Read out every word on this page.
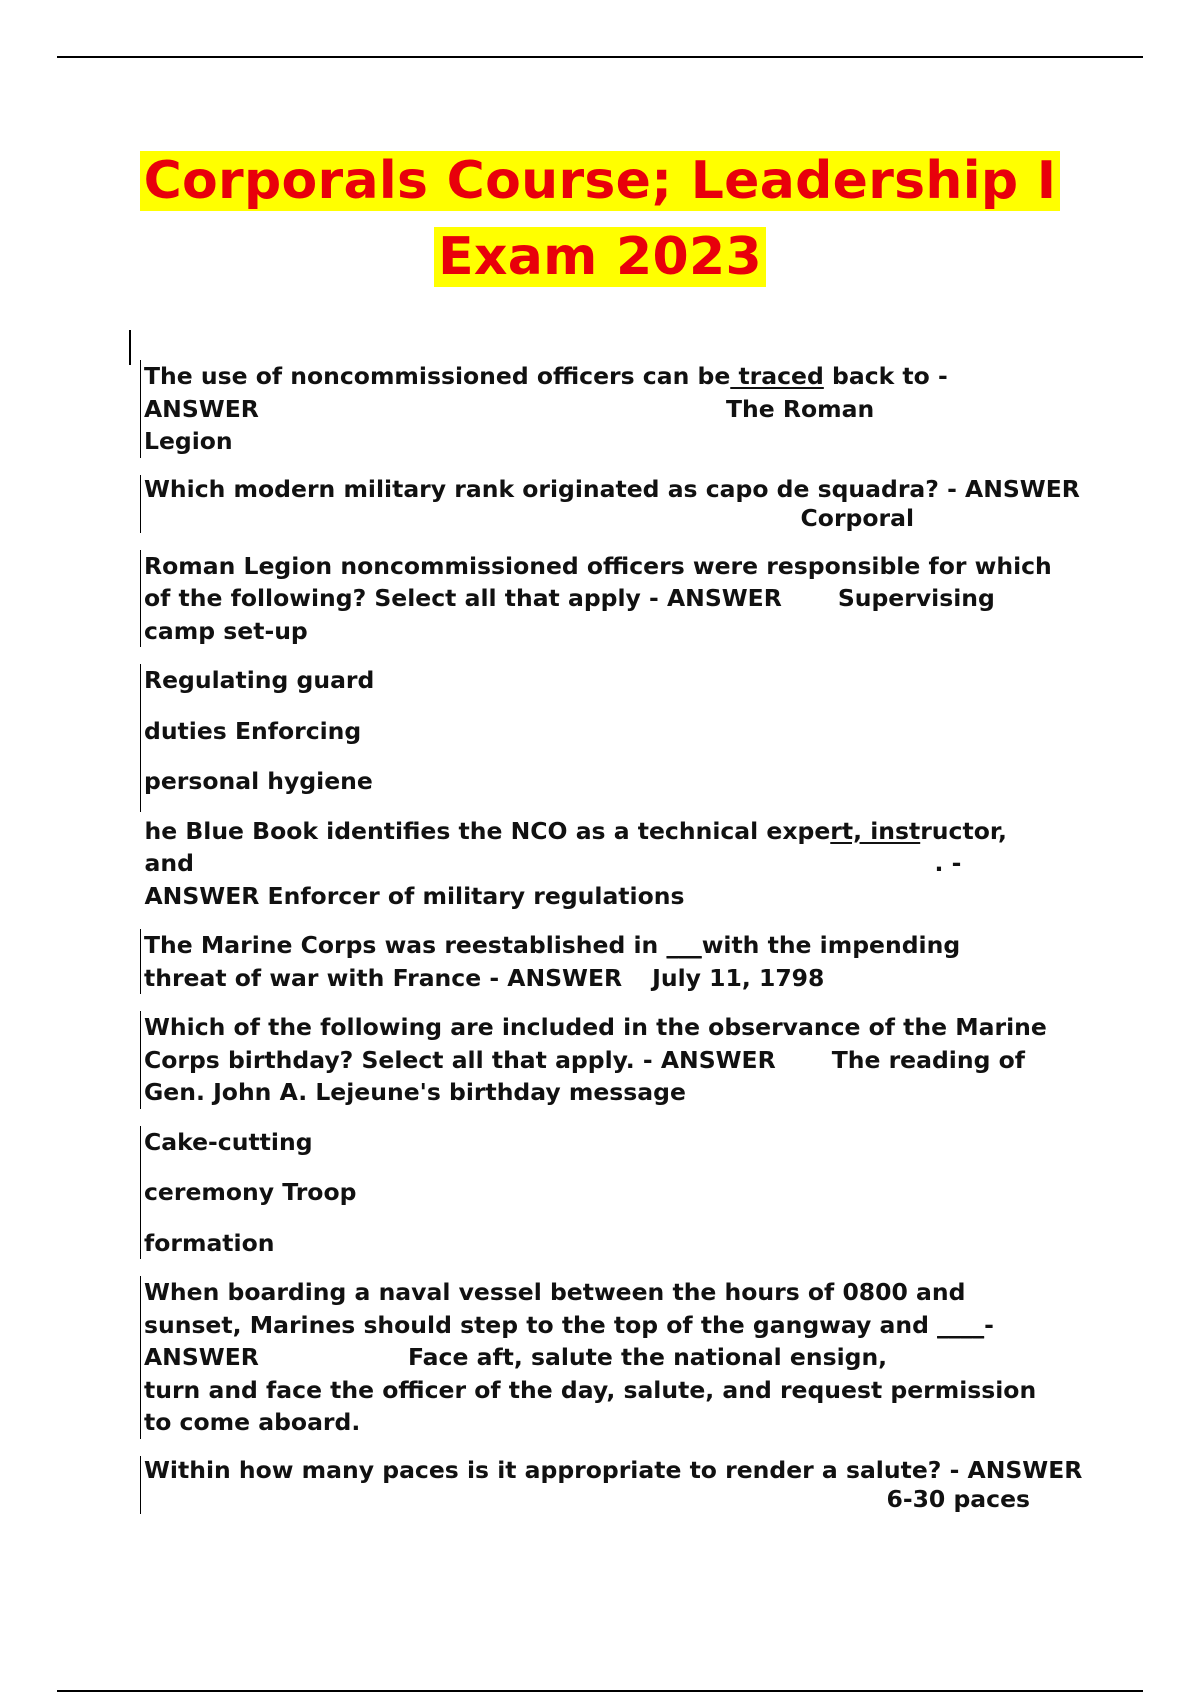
Corporals Course; Leadership I
Exam 2023
The use of noncommissioned officers can be traced back to -
ANSWER	The Roman
Legion
Which modern military rank originated as capo de squadra? - ANSWER
Corporal
Roman Legion noncommissioned officers were responsible for which
of the following? Select all that apply - ANSWER Supervising
camp set-up
Regulating guard
duties Enforcing
personal hygiene
he Blue Book identifies the NCO as a technical expert, instructor,
and	. -
ANSWER Enforcer of military regulations
The Marine Corps was reestablished in ___with the impending
threat of war with France - ANSWER July 11, 1798
Which of the following are included in the observance of the Marine
Corps birthday? Select all that apply. - ANSWER The reading of
Gen. John A. Lejeune's birthday message
Cake-cutting
ceremony Troop
formation
When boarding a naval vessel between the hours of 0800 and
sunset, Marines should step to the top of the gangway and ____-
ANSWER	Face aft, salute the national ensign,
turn and face the officer of the day, salute, and request permission
to come aboard.
Within how many paces is it appropriate to render a salute? - ANSWER
6-30 paces
